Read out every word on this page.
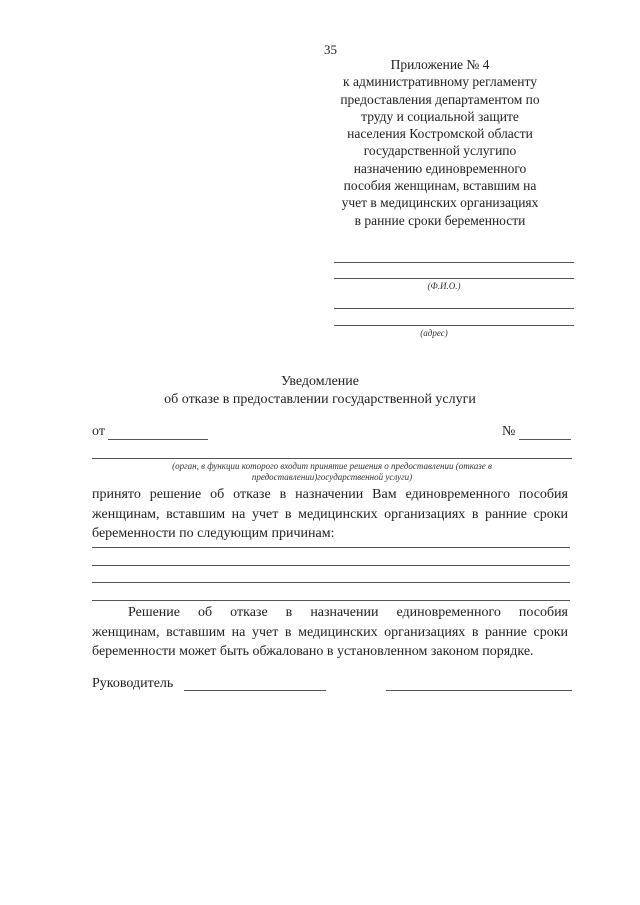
35
Приложение № 4
к административному регламенту
предоставления департаментом по
труду и социальной защите
населения Костромской области
государственной услугипо
назначению единовременного
пособия женщинам, вставшим на
учет в медицинских организациях
в ранние сроки беременности
(Ф.И.О.)
(адрес)
Уведомление
об отказе в предоставлении государственной услуги
от	№
(орган, в функции которого входит принятие решения о предоставлении (отказе в
предоставлении)государственной услуги)
принято решение об отказе в назначении Вам единовременного пособия
женщинам, вставшим на учет в медицинских организациях в ранние сроки
беременности по следующим причинам:
Решение об отказе в назначении единовременного пособия
женщинам, вставшим на учет в медицинских организациях в ранние сроки
беременности может быть обжаловано в установленном законом порядке.
Руководитель
